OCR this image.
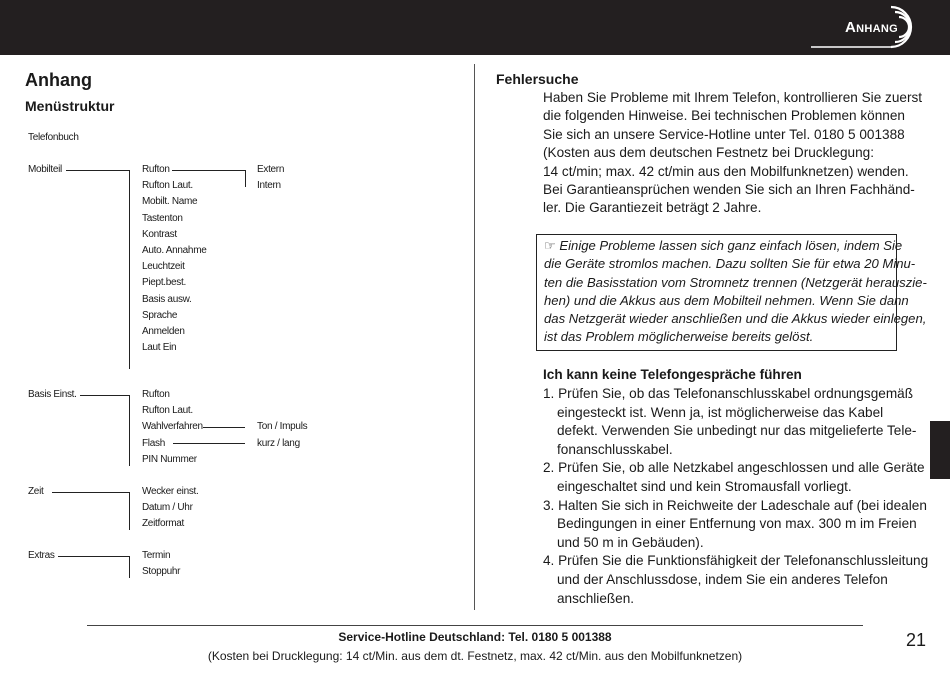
Anhang
Anhang
Menüstruktur
Telefonbuch
Mobilteil	Rufton
Rufton Laut.
Mobilt. Name
Tastenton
Kontrast
Auto. Annahme
Leuchtzeit
Piept.best.
Basis ausw.
Sprache
Anmelden
Laut Ein
Extern
Intern
Basis Einst.	Rufton
Rufton Laut.
Wahlverfahren
Flash
PIN Nummer
Ton / Impuls
kurz / lang
Zeit	Wecker einst.
Datum / Uhr
Zeitformat
Extras	Termin
Stoppuhr
Fehlersuche
Haben Sie Probleme mit Ihrem Telefon, kontrollieren Sie zuerst
die folgenden Hinweise. Bei technischen Problemen können
Sie sich an unsere Service-Hotline unter Tel. 0180 5 001388
(Kosten aus dem deutschen Festnetz bei Drucklegung:
14 ct/min; max. 42 ct/min aus den Mobilfunknetzen) wenden.
Bei Garantieansprüchen wenden Sie sich an Ihren Fachhänd-
ler. Die Garantiezeit beträgt 2 Jahre.
☞ Einige Probleme lassen sich ganz einfach lösen, indem Sie
die Geräte stromlos machen. Dazu sollten Sie für etwa 20 Minu-
ten die Basisstation vom Stromnetz trennen (Netzgerät herauszie-
hen) und die Akkus aus dem Mobilteil nehmen. Wenn Sie dann
das Netzgerät wieder anschließen und die Akkus wieder einlegen,
ist das Problem möglicherweise bereits gelöst.
Ich kann keine Telefongespräche führen
1. Prüfen Sie, ob das Telefonanschlusskabel ordnungsgemäß
eingesteckt ist. Wenn ja, ist möglicherweise das Kabel
defekt. Verwenden Sie unbedingt nur das mitgelieferte Tele-
fonanschlusskabel.
2. Prüfen Sie, ob alle Netzkabel angeschlossen und alle Geräte
eingeschaltet sind und kein Stromausfall vorliegt.
3. Halten Sie sich in Reichweite der Ladeschale auf (bei idealen
Bedingungen in einer Entfernung von max. 300 m im Freien
und 50 m in Gebäuden).
4. Prüfen Sie die Funktionsfähigkeit der Telefonanschlussleitung
und der Anschlussdose, indem Sie ein anderes Telefon
anschließen.
Service-Hotline Deutschland: Tel. 0180 5 001388
(Kosten bei Drucklegung: 14 ct/Min. aus dem dt. Festnetz, max. 42 ct/Min. aus den Mobilfunknetzen)
21
